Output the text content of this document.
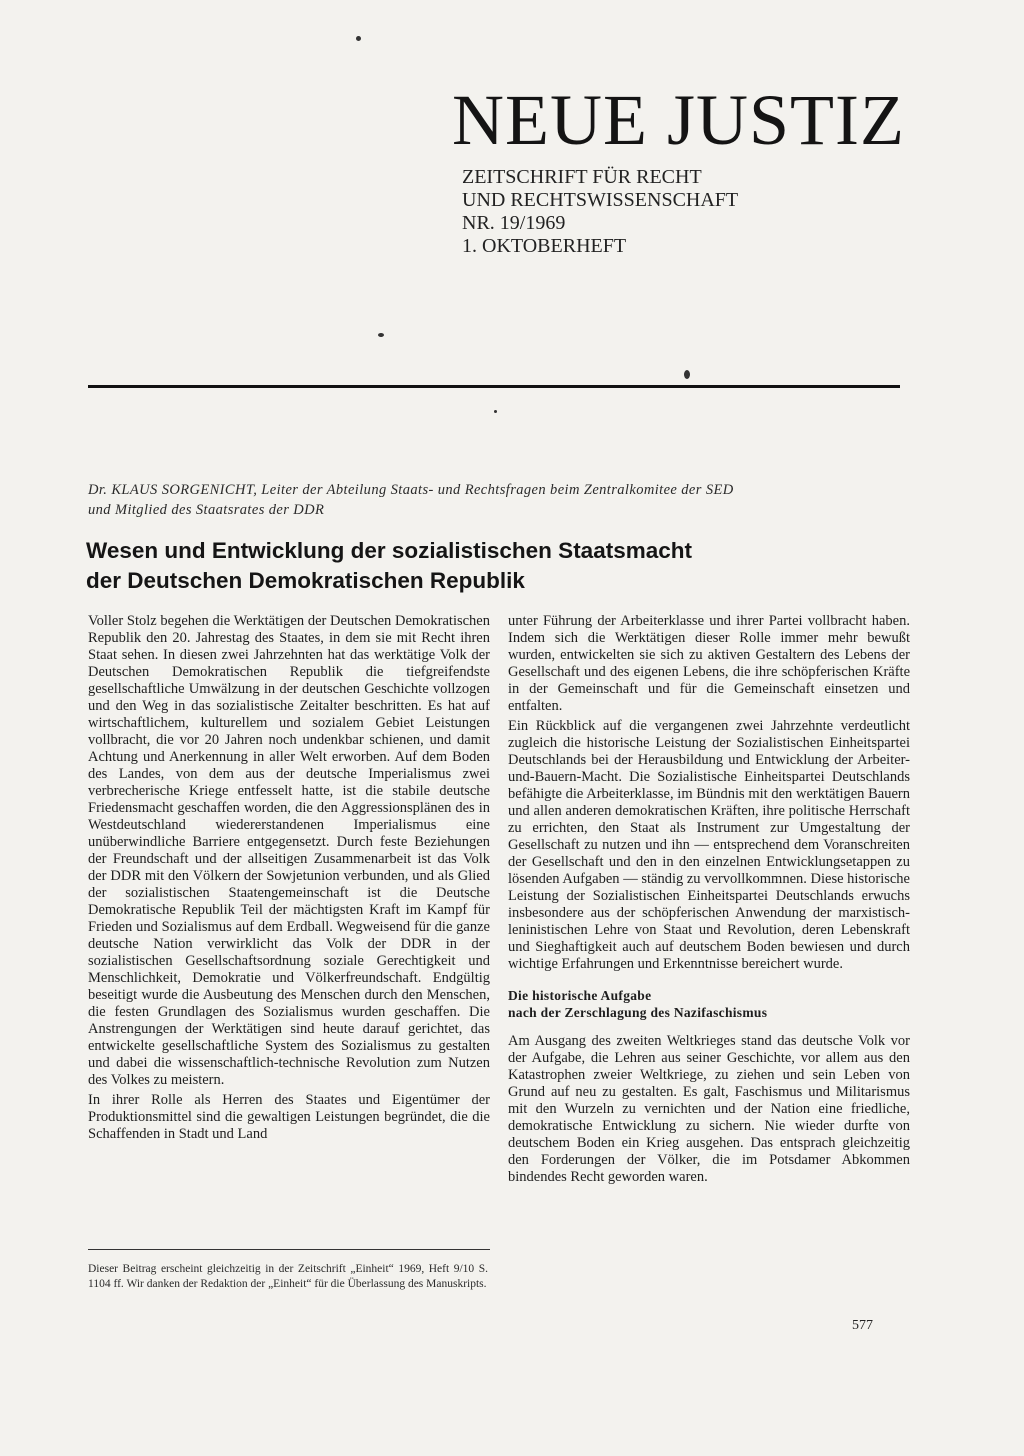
NEUE JUSTIZ
ZEITSCHRIFT FÜR RECHT
UND RECHTSWISSENSCHAFT
NR. 19/1969
1. OKTOBERHEFT
Dr. KLAUS SORGENICHT, Leiter der Abteilung Staats- und Rechtsfragen beim Zentralkomitee der SED
und Mitglied des Staatsrates der DDR
Wesen und Entwicklung der sozialistischen Staatsmacht
der Deutschen Demokratischen Republik

Voller Stolz begehen die Werktätigen der Deutschen Demokratischen Republik den 20. Jahrestag des Staates, in dem sie mit Recht ihren Staat sehen. In diesen zwei Jahrzehnten hat das werktätige Volk der Deutschen Demokratischen Republik die tiefgreifendste gesellschaftliche Umwälzung in der deutschen Geschichte vollzogen und den Weg in das sozialistische Zeitalter beschritten. Es hat auf wirtschaftlichem, kulturellem und sozialem Gebiet Leistungen vollbracht, die vor 20 Jahren noch undenkbar schienen, und damit Achtung und Anerkennung in aller Welt erworben. Auf dem Boden des Landes, von dem aus der deutsche Imperialismus zwei verbrecherische Kriege entfesselt hatte, ist die stabile deutsche Friedensmacht geschaffen worden, die den Aggressionsplänen des in Westdeutschland wiedererstandenen Imperialismus eine unüberwindliche Barriere entgegensetzt. Durch feste Beziehungen der Freundschaft und der allseitigen Zusammenarbeit ist das Volk der DDR mit den Völkern der Sowjetunion verbunden, und als Glied der sozialistischen Staatengemeinschaft ist die Deutsche Demokratische Republik Teil der mächtigsten Kraft im Kampf für Frieden und Sozialismus auf dem Erdball. Wegweisend für die ganze deutsche Nation verwirklicht das Volk der DDR in der sozialistischen Gesellschaftsordnung soziale Gerechtigkeit und Menschlichkeit, Demokratie und Völkerfreundschaft. Endgültig beseitigt wurde die Ausbeutung des Menschen durch den Menschen, die festen Grundlagen des Sozialismus wurden geschaffen. Die Anstrengungen der Werktätigen sind heute darauf gerichtet, das entwickelte gesellschaftliche System des Sozialismus zu gestalten und dabei die wissenschaftlich-technische Revolution zum Nutzen des Volkes zu meistern.

In ihrer Rolle als Herren des Staates und Eigentümer der Produktionsmittel sind die gewaltigen Leistungen begründet, die die Schaffenden in Stadt und Land

unter Führung der Arbeiterklasse und ihrer Partei vollbracht haben. Indem sich die Werktätigen dieser Rolle immer mehr bewußt wurden, entwickelten sie sich zu aktiven Gestaltern des Lebens der Gesellschaft und des eigenen Lebens, die ihre schöpferischen Kräfte in der Gemeinschaft und für die Gemeinschaft einsetzen und entfalten.

Ein Rückblick auf die vergangenen zwei Jahrzehnte verdeutlicht zugleich die historische Leistung der Sozialistischen Einheitspartei Deutschlands bei der Herausbildung und Entwicklung der Arbeiter-und-Bauern-Macht. Die Sozialistische Einheitspartei Deutschlands befähigte die Arbeiterklasse, im Bündnis mit den werktätigen Bauern und allen anderen demokratischen Kräften, ihre politische Herrschaft zu errichten, den Staat als Instrument zur Umgestaltung der Gesellschaft zu nutzen und ihn — entsprechend dem Voranschreiten der Gesellschaft und den in den einzelnen Entwicklungsetappen zu lösenden Aufgaben — ständig zu vervollkommnen. Diese historische Leistung der Sozialistischen Einheitspartei Deutschlands erwuchs insbesondere aus der schöpferischen Anwendung der marxistisch-leninistischen Lehre von Staat und Revolution, deren Lebenskraft und Sieghaftigkeit auch auf deutschem Boden bewiesen und durch wichtige Erfahrungen und Erkenntnisse bereichert wurde.

Die historische Aufgabe
nach der Zerschlagung des Nazifaschismus

Am Ausgang des zweiten Weltkrieges stand das deutsche Volk vor der Aufgabe, die Lehren aus seiner Geschichte, vor allem aus den Katastrophen zweier Weltkriege, zu ziehen und sein Leben von Grund auf neu zu gestalten. Es galt, Faschismus und Militarismus mit den Wurzeln zu vernichten und der Nation eine friedliche, demokratische Entwicklung zu sichern. Nie wieder durfte von deutschem Boden ein Krieg ausgehen. Das entsprach gleichzeitig den Forderungen der Völker, die im Potsdamer Abkommen bindendes Recht geworden waren.

Dieser Beitrag erscheint gleichzeitig in der Zeitschrift „Einheit“ 1969, Heft 9/10 S. 1104 ff. Wir danken der Redaktion der „Einheit“ für die Überlassung des Manuskripts.
577
